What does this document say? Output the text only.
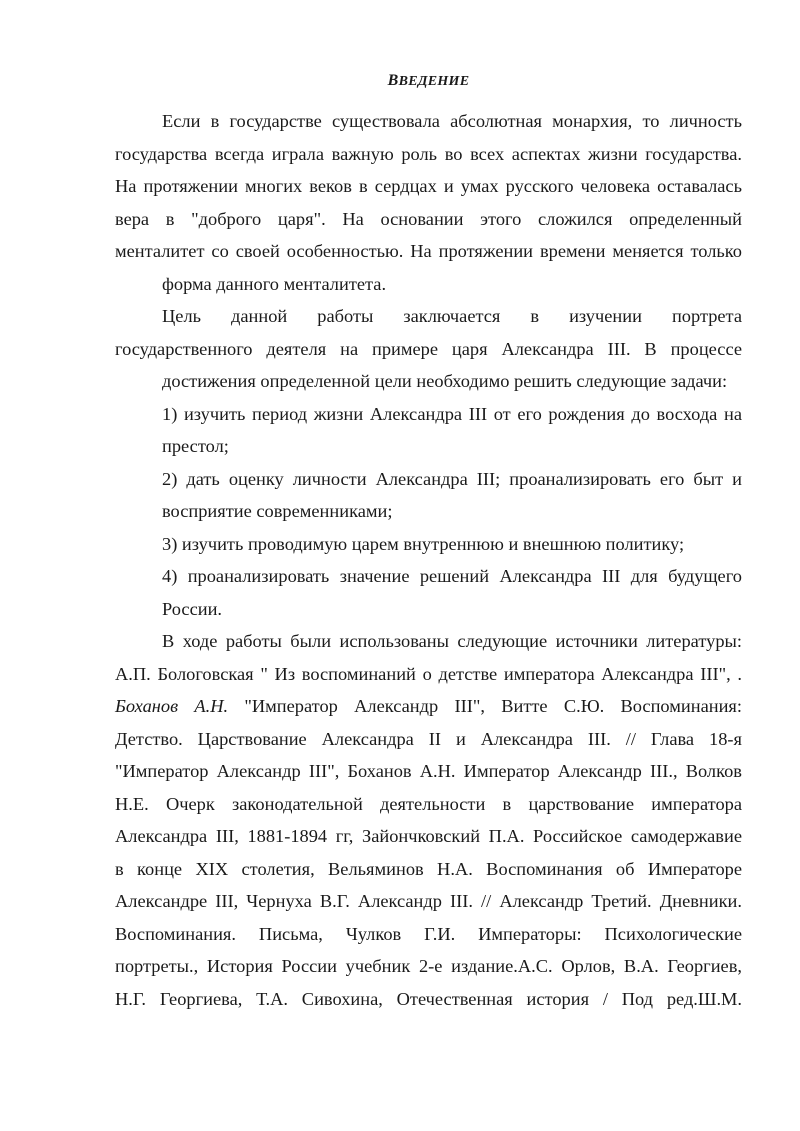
ВВЕДЕНИЕ
Если в государстве существовала абсолютная монархия, то личность
государства всегда играла важную роль во всех аспектах жизни государства.
На протяжении многих веков в сердцах и умах русского человека оставалась
вера в "доброго царя". На основании этого сложился определенный
менталитет со своей особенностью. На протяжении времени меняется только
форма данного менталитета.
Цель данной работы заключается в изучении портрета
государственного деятеля на примере царя Александра III. В процессе
достижения определенной цели необходимо решить следующие задачи:
1) изучить период жизни Александра III от его рождения до восхода на
престол;
2) дать оценку личности Александра III; проанализировать его быт и
восприятие современниками;
3) изучить проводимую царем внутреннюю и внешнюю политику;
4) проанализировать значение решений Александра III для будущего
России.
В ходе работы были использованы следующие источники литературы:
А.П. Бологовская " Из воспоминаний о детстве императора Александра III", .
Боханов А.Н. "Император Александр III", Витте С.Ю. Воспоминания:
Детство. Царствование Александра II и Александра III. // Глава 18-я
"Император Александр III", Боханов А.Н. Император Александр III., Волков
Н.Е. Очерк законодательной деятельности в царствование императора
Александра III, 1881-1894 гг, Зайончковский П.А. Российское самодержавие
в конце XIX столетия, Вельяминов Н.А. Воспоминания об Императоре
Александре III, Чернуха В.Г. Александр III. // Александр Третий. Дневники.
Воспоминания. Письма, Чулков Г.И. Императоры: Психологические
портреты., История России учебник 2-е издание.А.С. Орлов, В.А. Георгиев,
Н.Г. Георгиева, Т.А. Сивохина, Отечественная история / Под ред.Ш.М.
